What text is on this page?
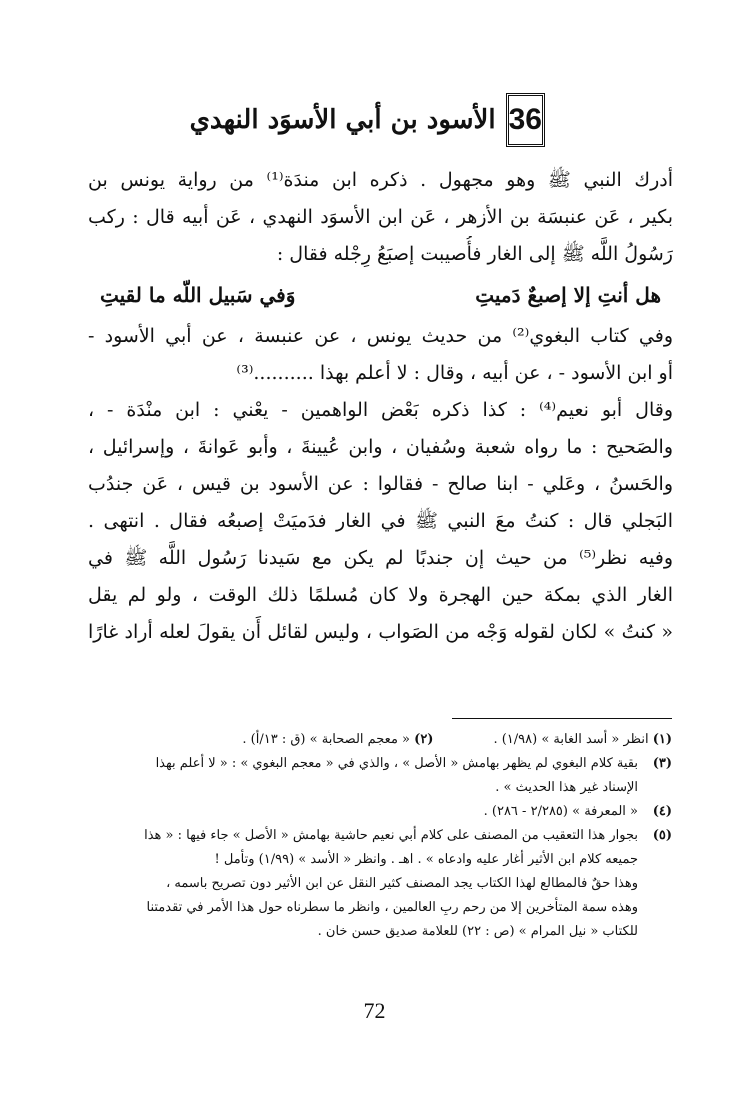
36
الأسود بن أبي الأسوَد النهدي
أدرك النبي ﷺ وهو مجهول . ذكره ابن مندَة⁽¹⁾ من رواية يونس بن
بكير ، عَن عنبسَة بن الأزهر ، عَن ابن الأسوَد النهدي ، عَن أبيه قال : ركب
رَسُولُ اللَّه ﷺ إلى الغار فأُصيبت إصبَعُ رِجْله فقال :
هل أنتِ إلا إصبعٌ دَميتِ
وَفي سَبيل اللّه ما لقيتِ
وفي كتاب البغوي⁽²⁾ من حديث يونس ، عن عنبسة ، عن أبي الأسود -
أو ابن الأسود - ، عن أبيه ، وقال : لا أعلم بهذا ..........⁽³⁾
وقال أبو نعيم⁽⁴⁾ : كذا ذكره بَعْض الواهمين - يعْني : ابن منْدَة - ،
والصَحيح : ما رواه شعبة وسُفيان ، وابن عُيينةَ ، وأبو عَوانةَ ، وإسرائيل ،
والحَسنُ ، وعَلي - ابنا صالح - فقالوا : عن الأسود بن قيس ، عَن جندُب
البَجلي قال : كنتُ معَ النبي ﷺ في الغار فدَميَتْ إصبعُه فقال . انتهى .
وفيه نظر⁽⁵⁾ من حيث إن جندبًا لم يكن مع سَيدنا رَسُول اللَّه ﷺ في
الغار الذي بمكة حين الهجرة ولا كان مُسلمًا ذلك الوقت ، ولو لم يقل
« كنتُ » لكان لقوله وَجْه من الصَواب ، وليس لقائل أَن يقولَ لعله أراد غارًا
(١) انظر « أسد الغابة » (١/٩٨) .
(٢) « معجم الصحابة » (ق : ١٣/أ) .
(٣)
بقية كلام البغوي لم يظهر بهامش « الأصل » ، والذي في « معجم البغوي » : « لا أعلم بهذا
الإسناد غير هذا الحديث » .
(٤)
« المعرفة » (٢/٢٨٥ - ٢٨٦) .
(٥)
بجوار هذا التعقيب من المصنف على كلام أبي نعيم حاشية بهامش « الأصل » جاء فيها : « هذا
جميعه كلام ابن الأثير أغار عليه وادعاه » . اهـ . وانظر « الأسد » (١/٩٩) وتأمل !
وهذا حقٌ فالمطالع لهذا الكتاب يجد المصنف كثير النقل عن ابن الأثير دون تصريح باسمه ،
وهذه سمة المتأخرين إلا من رحم ربِ العالمين ، وانظر ما سطرناه حول هذا الأمر في تقدمتنا
للكتاب « نيل المرام » (ص : ٢٢) للعلامة صديق حسن خان .
72
